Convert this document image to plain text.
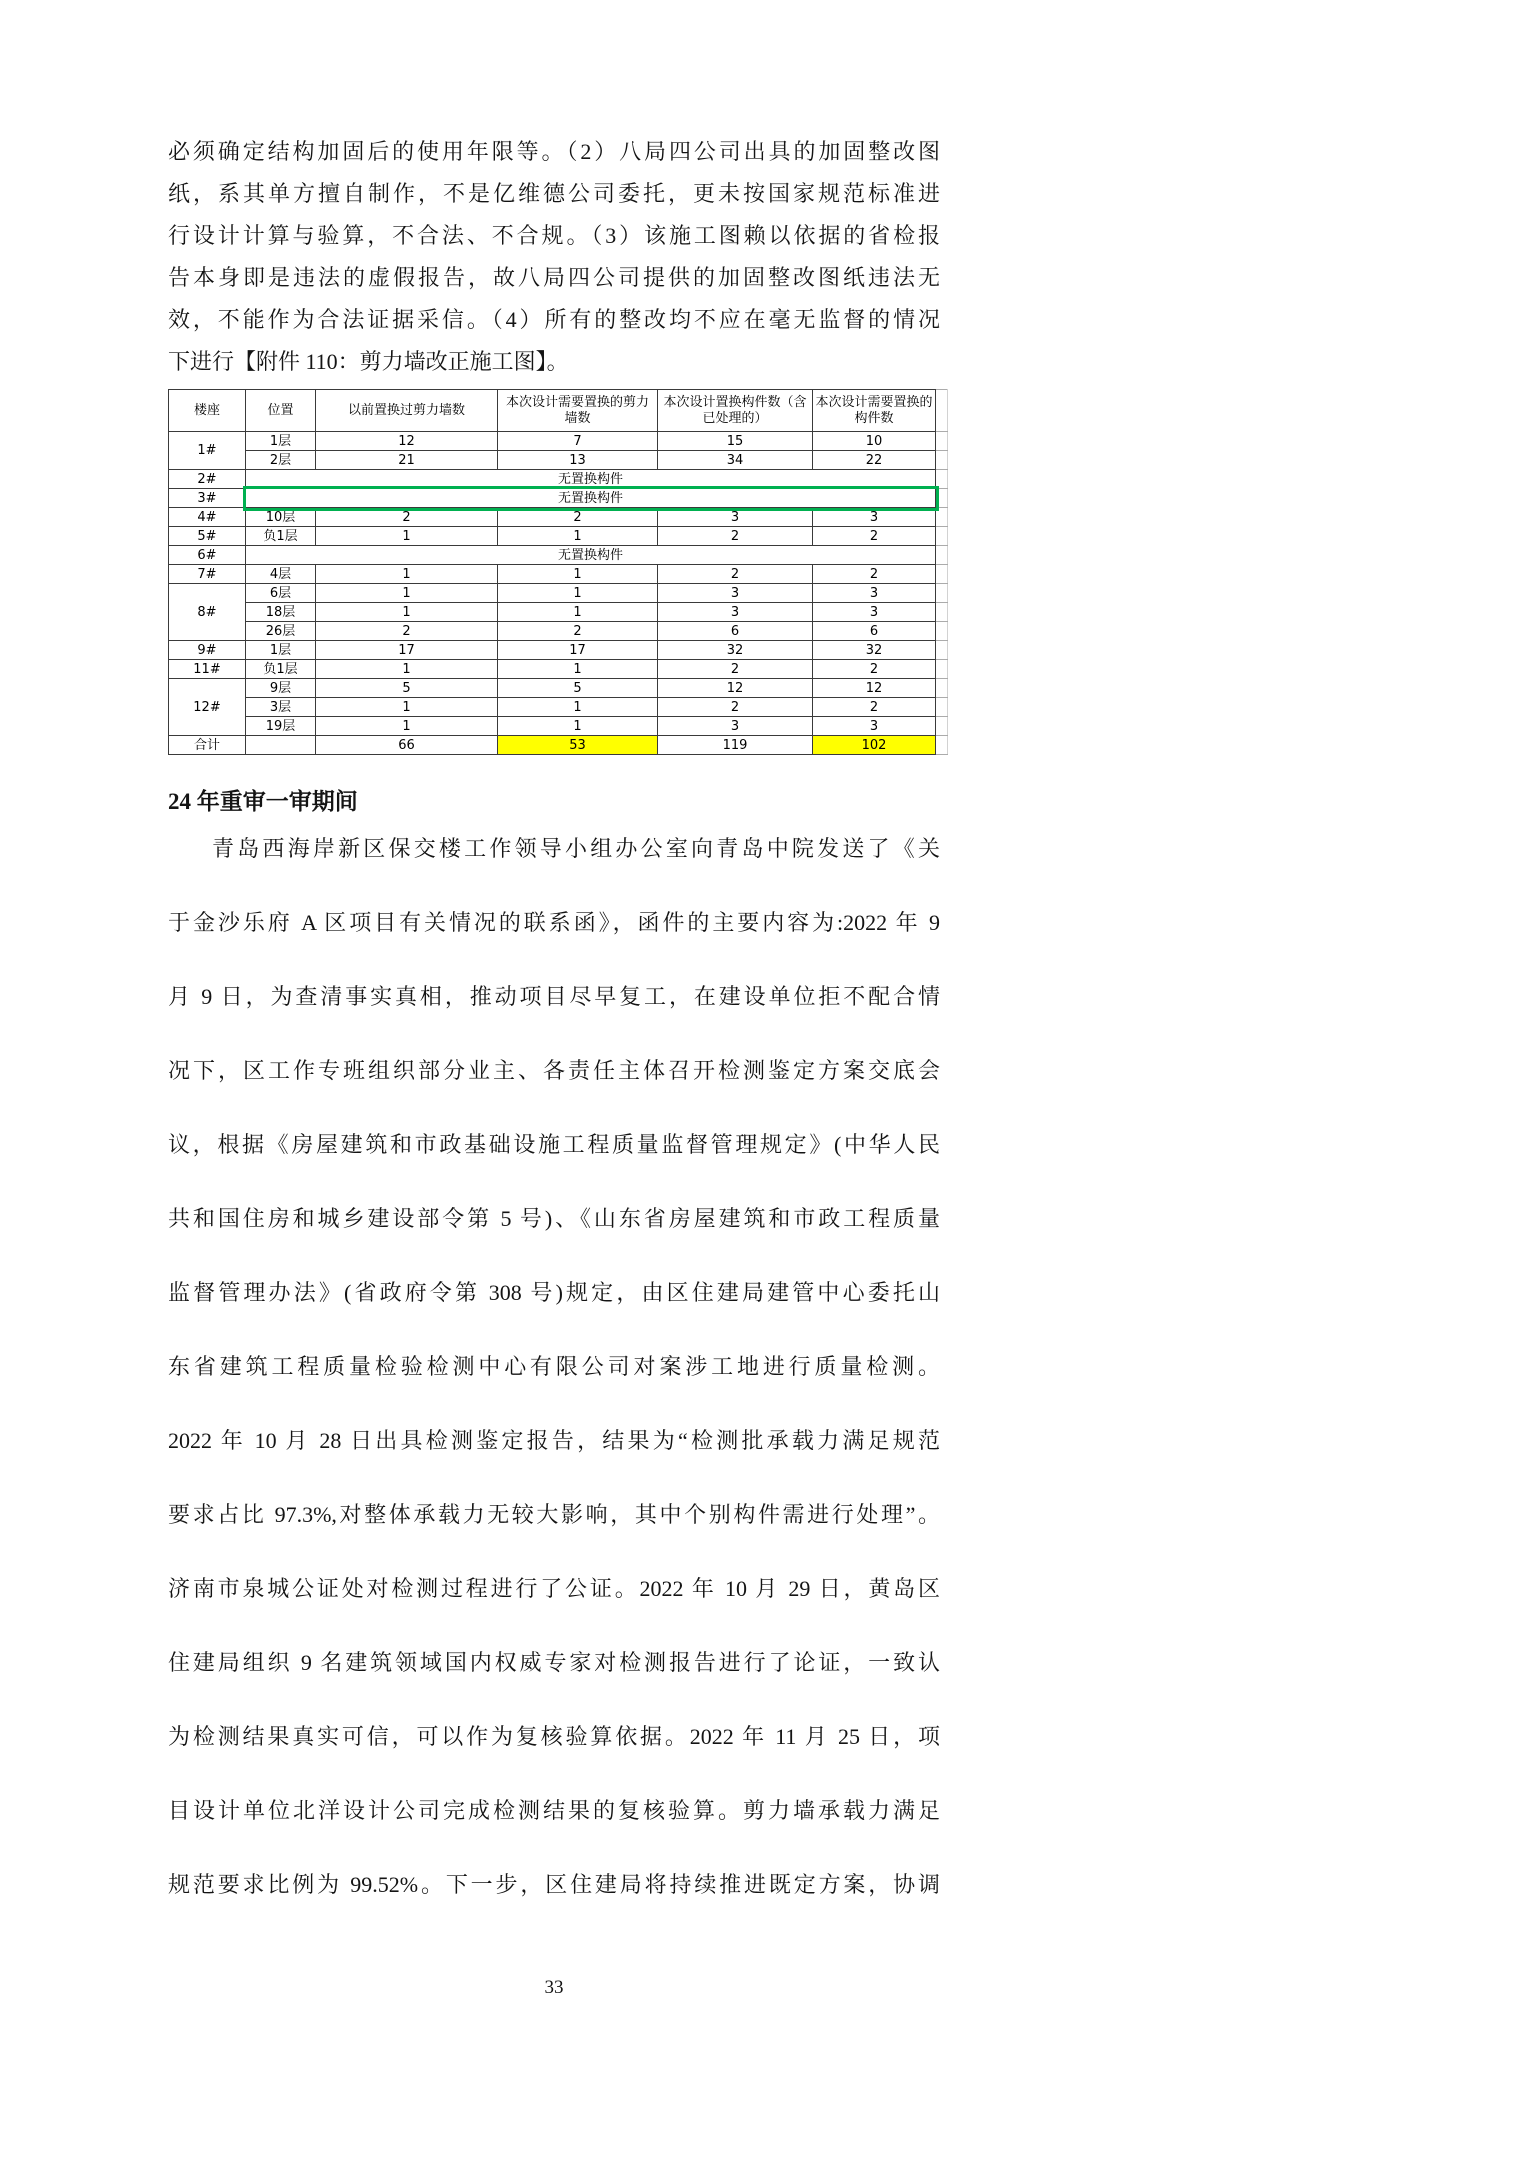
必须确定结构加固后的使用年限等。（2）八局四公司出具的加固整改图
纸，系其单方擅自制作，不是亿维德公司委托，更未按国家规范标准进
行设计计算与验算，不合法、不合规。（3）该施工图赖以依据的省检报
告本身即是违法的虚假报告，故八局四公司提供的加固整改图纸违法无
效，不能作为合法证据采信。（4）所有的整改均不应在毫无监督的情况
下进行【附件 110：剪力墙改正施工图】。
楼座	位置	以前置换过剪力墙数	本次设计需要置换的剪力墙数	本次设计置换构件数（含已处理的）	本次设计需要置换的构件数	
1#	1层	12	7	15	10	
	2层	21	13	34	22	
2#	无置换构件					
3#	无置换构件					
4#	10层	2	2	3	3	
5#	负1层	1	1	2	2	
6#	无置换构件					
7#	4层	1	1	2	2	
8#	6层	1	1	3	3	
	18层	1	1	3	3	
	26层	2	2	6	6	
9#	1层	17	17	32	32	
11#	负1层	1	1	2	2	
12#	9层	5	5	12	12	
	3层	1	1	2	2	
	19层	1	1	3	3	
合计		66	53	119	102	
24 年重审一审期间
青岛西海岸新区保交楼工作领导小组办公室向青岛中院发送了《关
于金沙乐府 A 区项目有关情况的联系函》，函件的主要内容为:2022 年 9
月 9 日，为查清事实真相，推动项目尽早复工，在建设单位拒不配合情
况下，区工作专班组织部分业主、各责任主体召开检测鉴定方案交底会
议，根据《房屋建筑和市政基础设施工程质量监督管理规定》(中华人民
共和国住房和城乡建设部令第 5 号)、《山东省房屋建筑和市政工程质量
监督管理办法》(省政府令第 308 号)规定，由区住建局建管中心委托山
东省建筑工程质量检验检测中心有限公司对案涉工地进行质量检测。
2022 年 10 月 28 日出具检测鉴定报告，结果为“检测批承载力满足规范
要求占比 97.3%,对整体承载力无较大影响，其中个别构件需进行处理”。
济南市泉城公证处对检测过程进行了公证。2022 年 10 月 29 日，黄岛区
住建局组织 9 名建筑领域国内权威专家对检测报告进行了论证，一致认
为检测结果真实可信，可以作为复核验算依据。2022 年 11 月 25 日，项
目设计单位北洋设计公司完成检测结果的复核验算。剪力墙承载力满足
规范要求比例为 99.52%。下一步，区住建局将持续推进既定方案，协调
33
